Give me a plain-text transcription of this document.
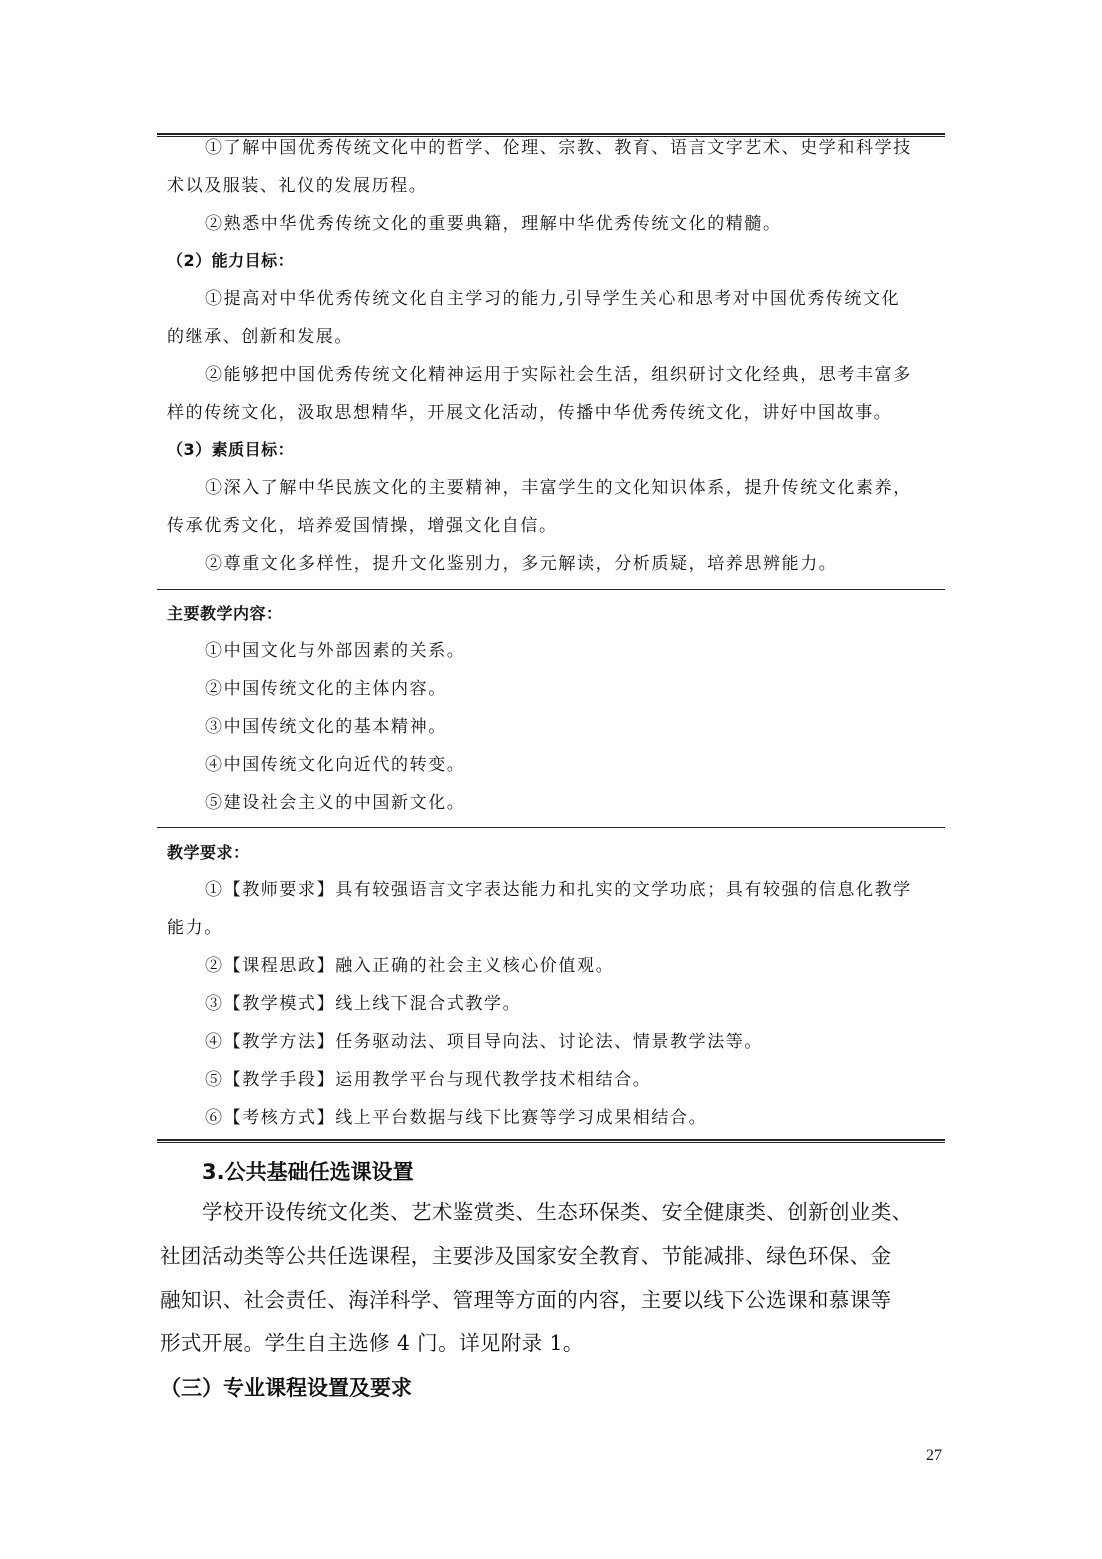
①了解中国优秀传统文化中的哲学、伦理、宗教、教育、语言文字艺术、史学和科学技
术以及服装、礼仪的发展历程。
②熟悉中华优秀传统文化的重要典籍，理解中华优秀传统文化的精髓。
（2）能力目标：
①提高对中华优秀传统文化自主学习的能力,引导学生关心和思考对中国优秀传统文化
的继承、创新和发展。
②能够把中国优秀传统文化精神运用于实际社会生活，组织研讨文化经典，思考丰富多
样的传统文化，汲取思想精华，开展文化活动，传播中华优秀传统文化，讲好中国故事。
（3）素质目标：
①深入了解中华民族文化的主要精神，丰富学生的文化知识体系，提升传统文化素养，
传承优秀文化，培养爱国情操，增强文化自信。
②尊重文化多样性，提升文化鉴别力，多元解读，分析质疑，培养思辨能力。
主要教学内容：
①中国文化与外部因素的关系。
②中国传统文化的主体内容。
③中国传统文化的基本精神。
④中国传统文化向近代的转变。
⑤建设社会主义的中国新文化。
教学要求：
①【教师要求】具有较强语言文字表达能力和扎实的文学功底；具有较强的信息化教学
能力。
②【课程思政】融入正确的社会主义核心价值观。
③【教学模式】线上线下混合式教学。
④【教学方法】任务驱动法、项目导向法、讨论法、情景教学法等。
⑤【教学手段】运用教学平台与现代教学技术相结合。
⑥【考核方式】线上平台数据与线下比赛等学习成果相结合。
3.公共基础任选课设置
学校开设传统文化类、艺术鉴赏类、生态环保类、安全健康类、创新创业类、
社团活动类等公共任选课程，主要涉及国家安全教育、节能减排、绿色环保、金
融知识、社会责任、海洋科学、管理等方面的内容，主要以线下公选课和慕课等
形式开展。学生自主选修 4 门。详见附录 1。
（三）专业课程设置及要求
27
